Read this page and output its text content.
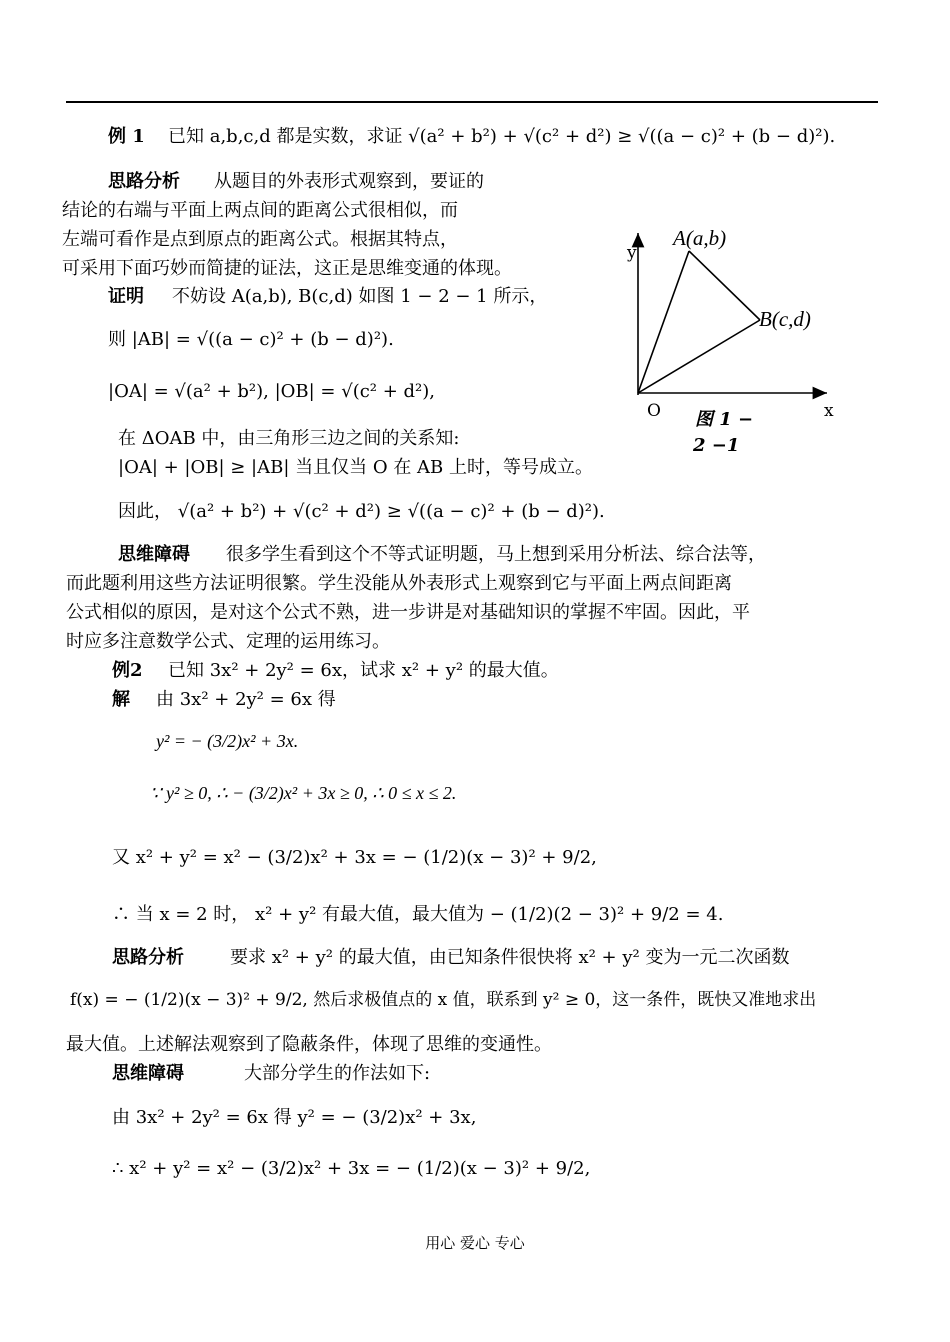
例 1 已知 a,b,c,d 都是实数，求证 √(a² + b²) + √(c² + d²) ≥ √((a − c)² + (b − d)²).
思路分析 从题目的外表形式观察到，要证的
结论的右端与平面上两点间的距离公式很相似，而
左端可看作是点到原点的距离公式。根据其特点，
可采用下面巧妙而简捷的证法，这正是思维变通的体现。
证明 不妨设 A(a,b), B(c,d) 如图 1 − 2 − 1 所示，
则 |AB| = √((a − c)² + (b − d)²).
|OA| = √(a² + b²), |OB| = √(c² + d²),
在 ΔOAB 中，由三角形三边之间的关系知:
|OA| + |OB| ≥ |AB| 当且仅当 O 在 AB 上时，等号成立。
因此， √(a² + b²) + √(c² + d²) ≥ √((a − c)² + (b − d)²).
A(a,b)
B(c,d)
y
x
O 图 1 −
2 −1
思维障碍 很多学生看到这个不等式证明题，马上想到采用分析法、综合法等，
而此题利用这些方法证明很繁。学生没能从外表形式上观察到它与平面上两点间距离
公式相似的原因，是对这个公式不熟，进一步讲是对基础知识的掌握不牢固。因此，平
时应多注意数学公式、定理的运用练习。
例2 已知 3x² + 2y² = 6x，试求 x² + y² 的最大值。
解 由 3x² + 2y² = 6x 得
y² = − (3/2)x² + 3x.
∵ y² ≥ 0, ∴ − (3/2)x² + 3x ≥ 0, ∴ 0 ≤ x ≤ 2.
又 x² + y² = x² − (3/2)x² + 3x = − (1/2)(x − 3)² + 9/2,
∴ 当 x = 2 时， x² + y² 有最大值，最大值为 − (1/2)(2 − 3)² + 9/2 = 4.
思路分析	要求 x² + y² 的最大值，由已知条件很快将 x² + y² 变为一元二次函数
f(x) = − (1/2)(x − 3)² + 9/2, 然后求极值点的 x 值，联系到 y² ≥ 0，这一条件，既快又准地求出
最大值。上述解法观察到了隐蔽条件，体现了思维的变通性。
思维障碍	大部分学生的作法如下:
由 3x² + 2y² = 6x 得 y² = − (3/2)x² + 3x,
∴ x² + y² = x² − (3/2)x² + 3x = − (1/2)(x − 3)² + 9/2,
用心 爱心 专心
